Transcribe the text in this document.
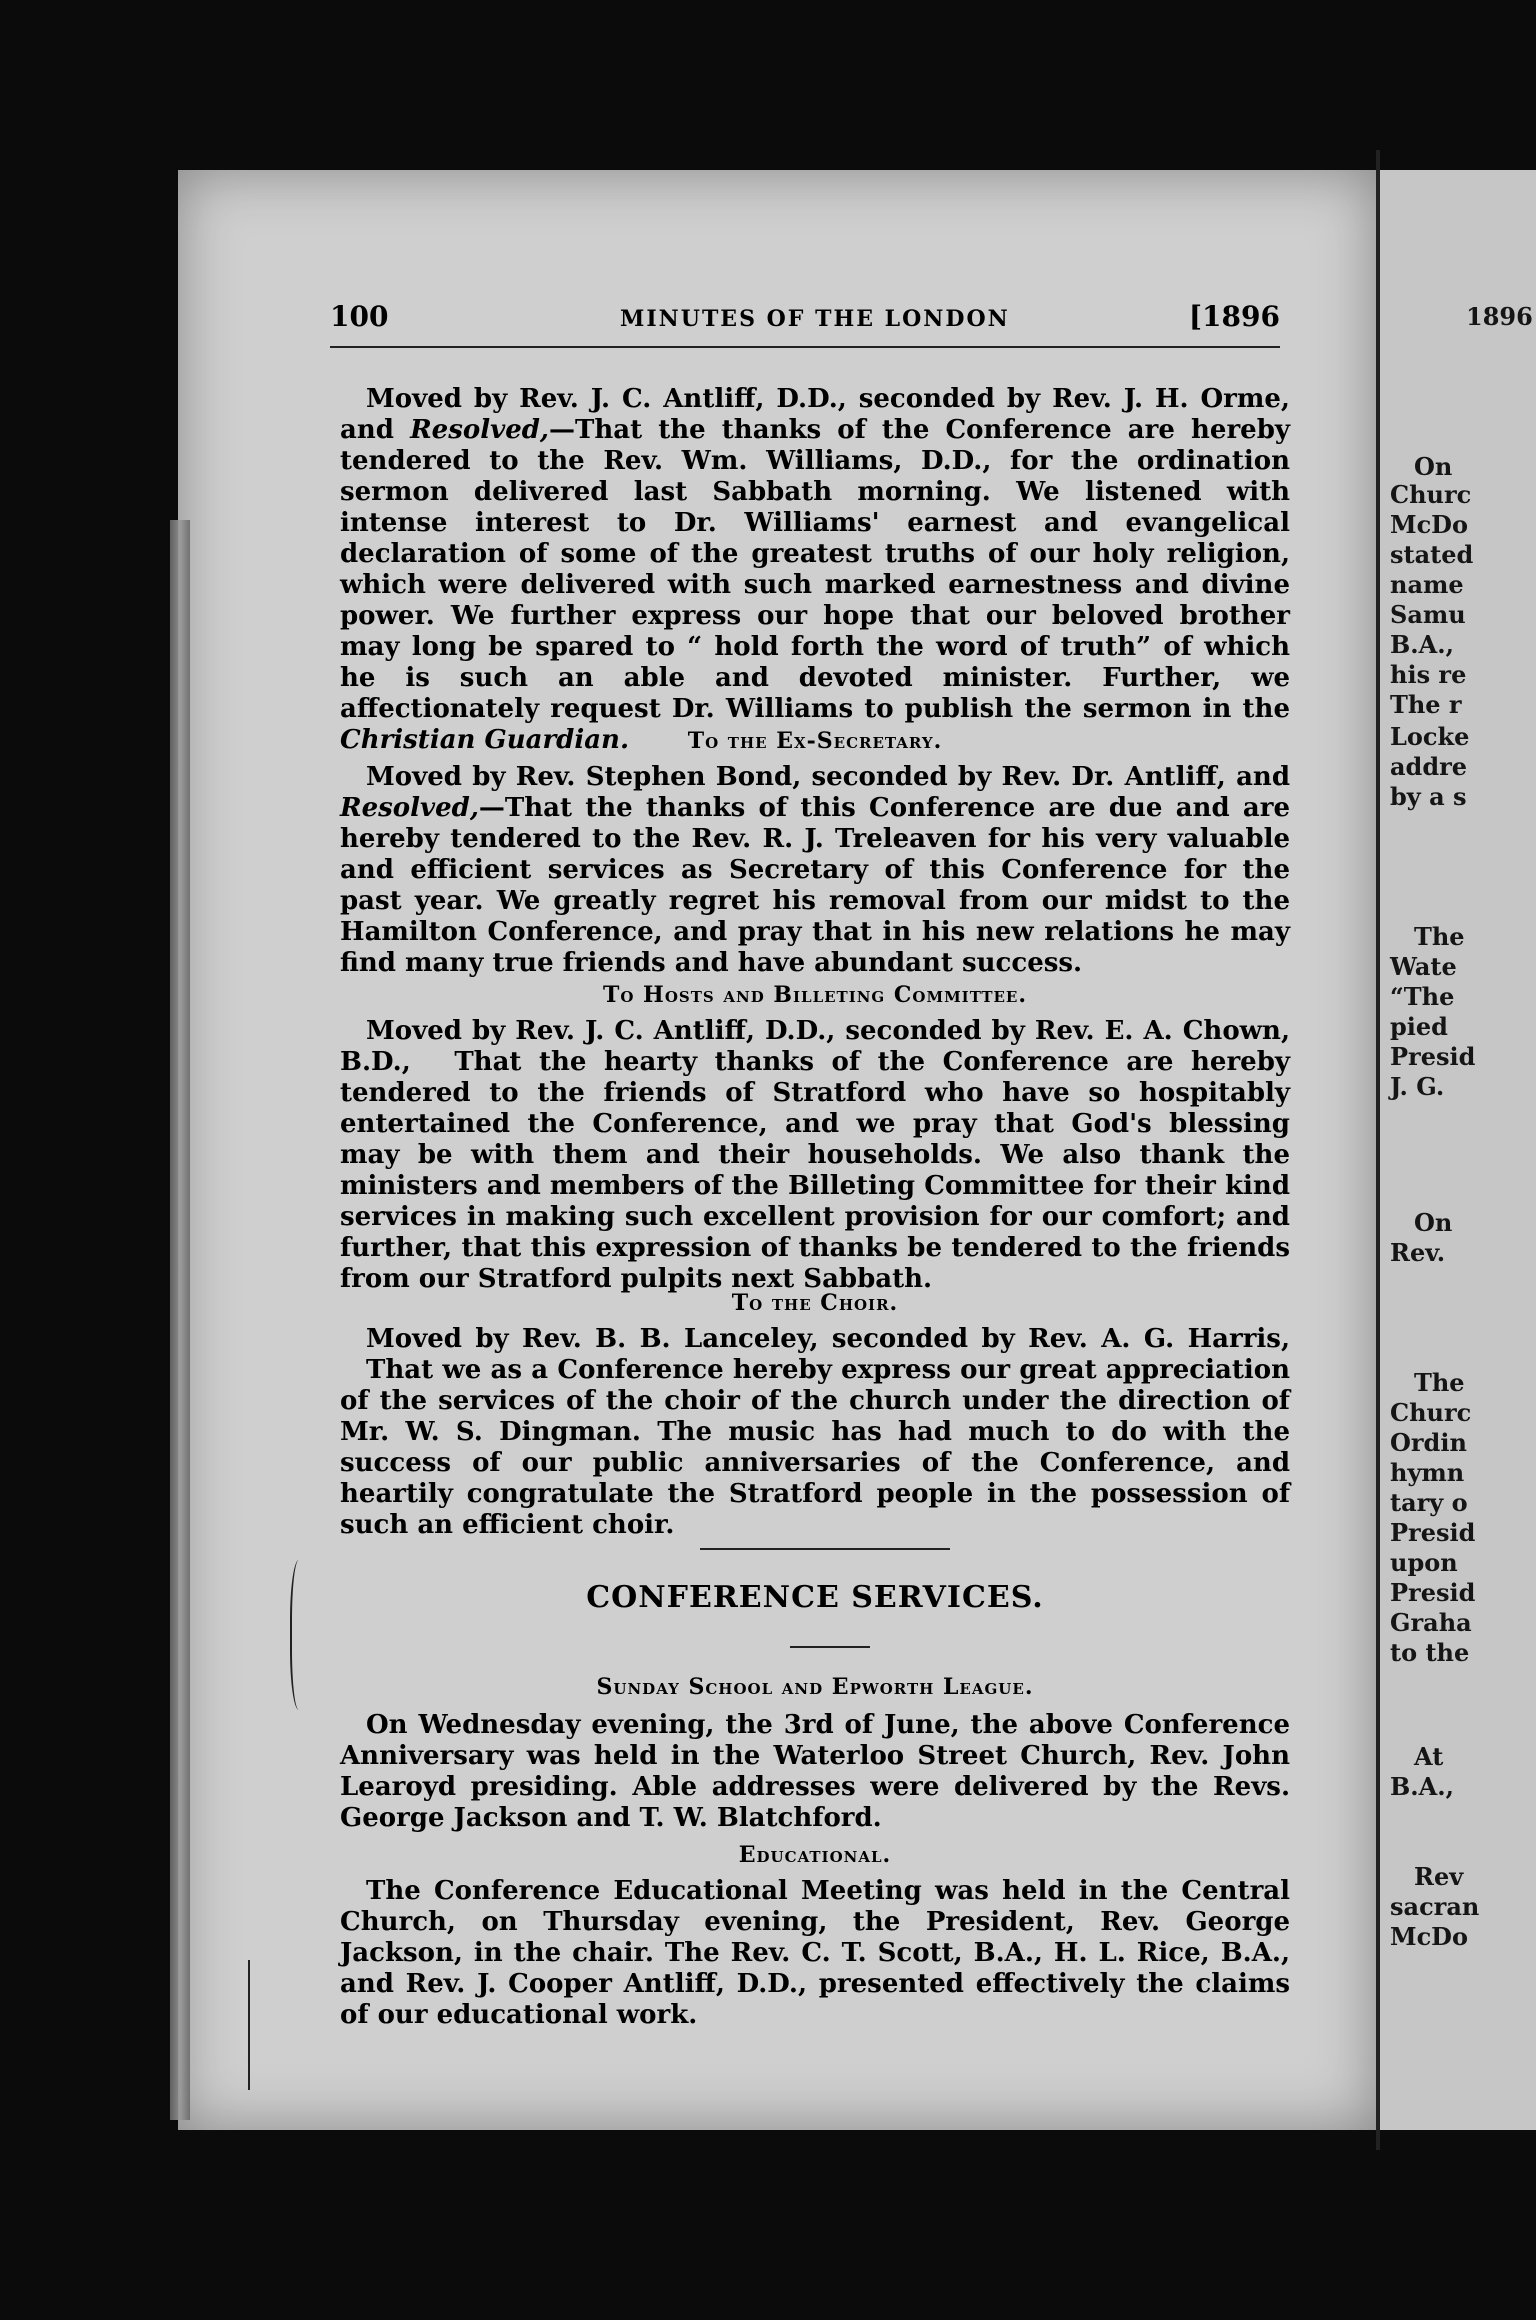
100	MINUTES OF THE LONDON	[1896

Moved by Rev. J. C. Antliff, D.D., seconded by Rev. J. H. Orme, and Resolved,—That the thanks of the Conference are hereby tendered to the Rev. Wm. Williams, D.D., for the ordination sermon delivered last Sabbath morning. We listened with intense interest to Dr. Williams' earnest and evangelical declaration of some of the greatest truths of our holy religion, which were delivered with such marked earnestness and divine power. We further express our hope that our beloved brother may long be spared to “ hold forth the word of truth” of which he is such an able and devoted minister. Further, we affectionately request Dr. Williams to publish the sermon in the Christian Guardian.	To the Ex-Secretary.

Moved by Rev. Stephen Bond, seconded by Rev. Dr. Antliff, and Resolved,—That the thanks of this Conference are due and are hereby tendered to the Rev. R. J. Treleaven for his very valuable and efficient services as Secretary of this Conference for the past year. We greatly regret his removal from our midst to the Hamilton Conference, and pray that in his new relations he may find many true friends and have abundant success.

To Hosts and Billeting Committee.

Moved by Rev. J. C. Antliff, D.D., seconded by Rev. E. A. Chown, B.D., That the hearty thanks of the Conference are hereby tendered to the friends of Stratford who have so hospitably entertained the Conference, and we pray that God's blessing may be with them and their households. We also thank the ministers and members of the Billeting Committee for their kind services in making such excellent provision for our comfort; and further, that this expression of thanks be tendered to the friends from our Stratford pulpits next Sabbath.

To the Choir.

Moved by Rev. B. B. Lanceley, seconded by Rev. A. G. Harris, That we as a Conference hereby express our great appreciation of the services of the choir of the church under the direction of Mr. W. S. Dingman. The music has had much to do with the success of our public anniversaries of the Conference, and heartily congratulate the Stratford people in the possession of such an efficient choir.

CONFERENCE SERVICES.

Sunday School and Epworth League.

On Wednesday evening, the 3rd of June, the above Conference Anniversary was held in the Waterloo Street Church, Rev. John Learoyd presiding. Able addresses were delivered by the Revs. George Jackson and T. W. Blatchford.

Educational.

The Conference Educational Meeting was held in the Central Church, on Thursday evening, the President, Rev. George Jackson, in the chair. The Rev. C. T. Scott, B.A., H. L. Rice, B.A., and Rev. J. Cooper Antliff, D.D., presented effectively the claims of our educational work.

1896
On
Churc
McDo
stated
name
Samu
B.A.,
his re
The r
Locke
addre
by a s
The
Wate
“The
pied
Presid
J. G.
On
Rev.
The
Churc
Ordin
hymn
tary o
Presid
upon
Presid
Graha
to the
At
B.A.,
Rev
sacran
McDo
